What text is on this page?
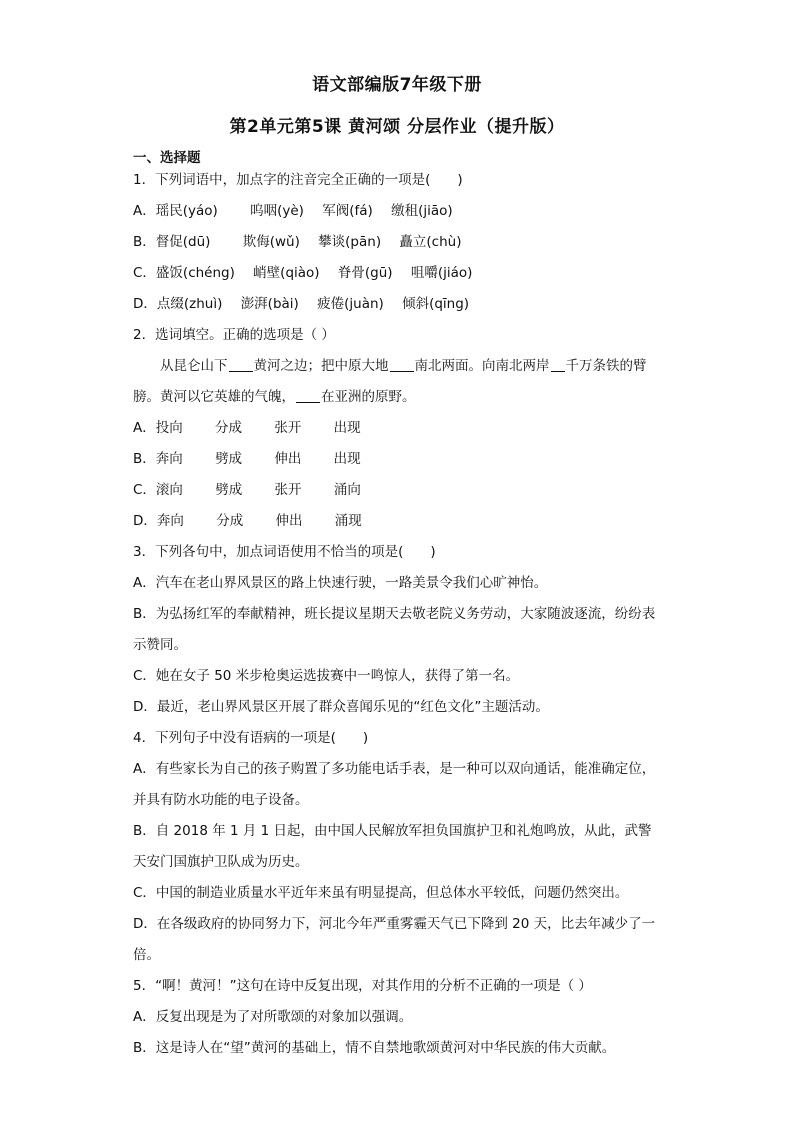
语文部编版7年级下册
第2单元第5课 黄河颂 分层作业（提升版）
一、选择题
1．下列词语中，加点字的注音完全正确的一项是(　　)
A．瑶民(yáo) 呜咽(yè) 军阀(fá) 缴租(jiāo)
B．督促(dū) 欺侮(wǔ) 攀谈(pān) 矗立(chù)
C．盛饭(chéng) 峭壁(qiào) 脊骨(gū) 咀嚼(jiáo)
D．点缀(zhuì) 澎湃(bài) 疲倦(juàn) 倾斜(qīng)
2．选词填空。正确的选项是（ ）
从昆仑山下 黄河之边；把中原大地 南北两面。向南北两岸 千万条铁的臂
膀。黄河以它英雄的气魄， 在亚洲的原野。
A．投向 分成 张开 出现
B．奔向 劈成 伸出 出现
C．滚向 劈成 张开 涌向
D．奔向 分成 伸出 涌现
3．下列各句中，加点词语使用不恰当的项是(　　)
A．汽车在老山界风景区的路上快速行驶，一路美景令我们心旷神怡。
B．为弘扬红军的奉献精神，班长提议星期天去敬老院义务劳动，大家随波逐流，纷纷表示赞同。
C．她在女子 50 米步枪奥运选拔赛中一鸣惊人，获得了第一名。
D．最近，老山界风景区开展了群众喜闻乐见的“红色文化”主题活动。
4．下列句子中没有语病的一项是(　　)
A．有些家长为自己的孩子购置了多功能电话手表，是一种可以双向通话，能准确定位，并具有防水功能的电子设备。
B．自 2018 年 1 月 1 日起，由中国人民解放军担负国旗护卫和礼炮鸣放，从此，武警天安门国旗护卫队成为历史。
C．中国的制造业质量水平近年来虽有明显提高，但总体水平较低，问题仍然突出。
D．在各级政府的协同努力下，河北今年严重雾霾天气已下降到 20 天，比去年减少了一倍。
5．“啊！黄河！”这句在诗中反复出现，对其作用的分析不正确的一项是（ ）
A．反复出现是为了对所歌颂的对象加以强调。
B．这是诗人在“望”黄河的基础上，情不自禁地歌颂黄河对中华民族的伟大贡献。
